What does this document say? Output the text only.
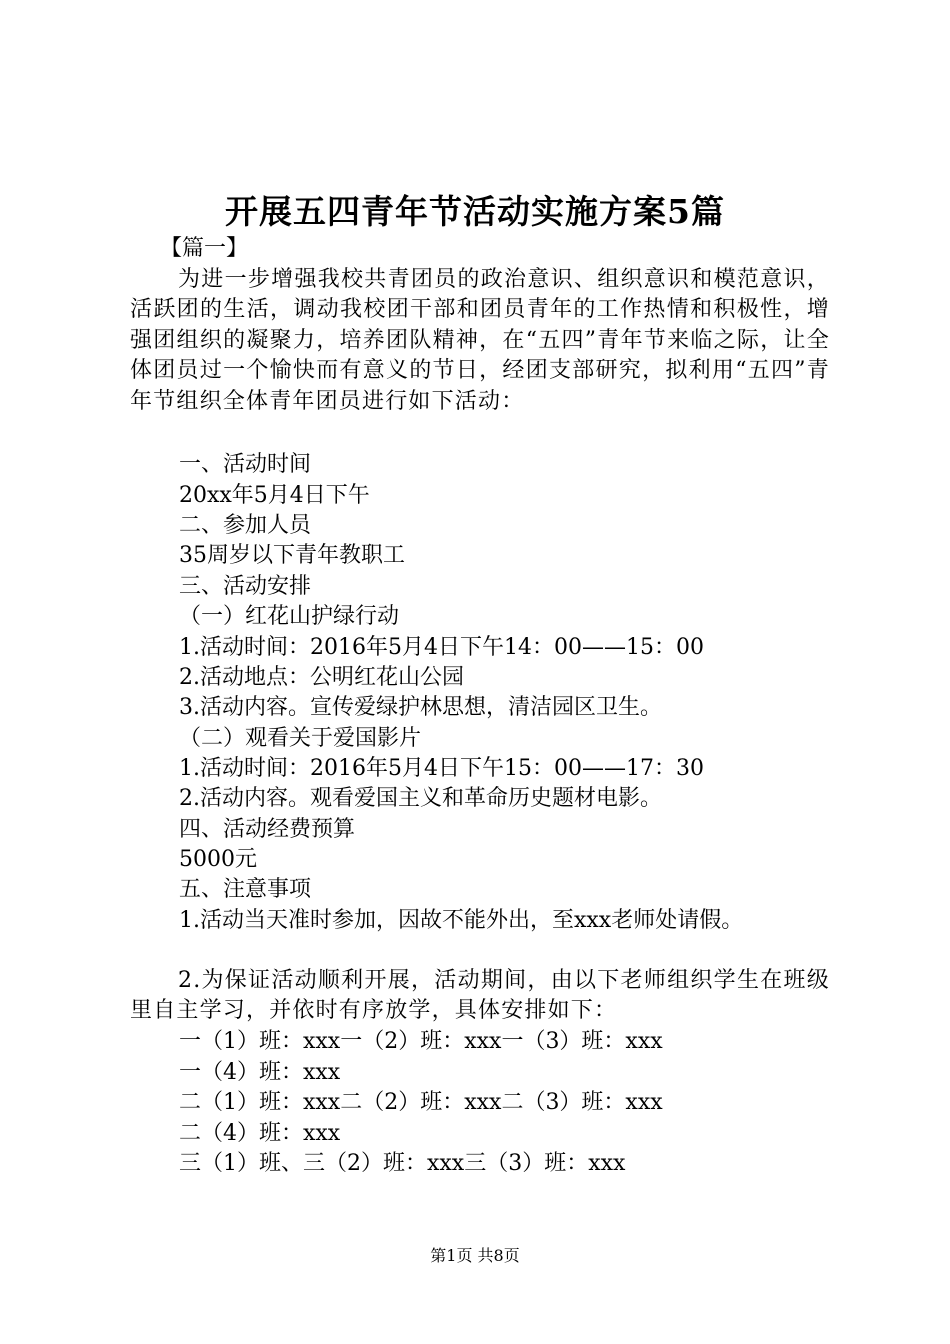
开展五四青年节活动实施方案5篇
【篇一】
为进一步增强我校共青团员的政治意识、组织意识和模范意识，活跃团的生活，调动我校团干部和团员青年的工作热情和积极性，增强团组织的凝聚力，培养团队精神，在“五四”青年节来临之际，让全体团员过一个愉快而有意义的节日，经团支部研究，拟利用“五四”青年节组织全体青年团员进行如下活动：
一、活动时间
20xx年5月4日下午
二、参加人员
35周岁以下青年教职工
三、活动安排
（一）红花山护绿行动
1.活动时间：2016年5月4日下午14：00——15：00
2.活动地点：公明红花山公园
3.活动内容。宣传爱绿护林思想，清洁园区卫生。
（二）观看关于爱国影片
1.活动时间：2016年5月4日下午15：00——17：30
2.活动内容。观看爱国主义和革命历史题材电影。
四、活动经费预算
5000元
五、注意事项
1.活动当天准时参加，因故不能外出，至xxx老师处请假。
2.为保证活动顺利开展，活动期间，由以下老师组织学生在班级里自主学习，并依时有序放学，具体安排如下：
一（1）班：xxx一（2）班：xxx一（3）班：xxx
一（4）班：xxx
二（1）班：xxx二（2）班：xxx二（3）班：xxx
二（4）班：xxx
三（1）班、三（2）班：xxx三（3）班：xxx
第1页 共8页
